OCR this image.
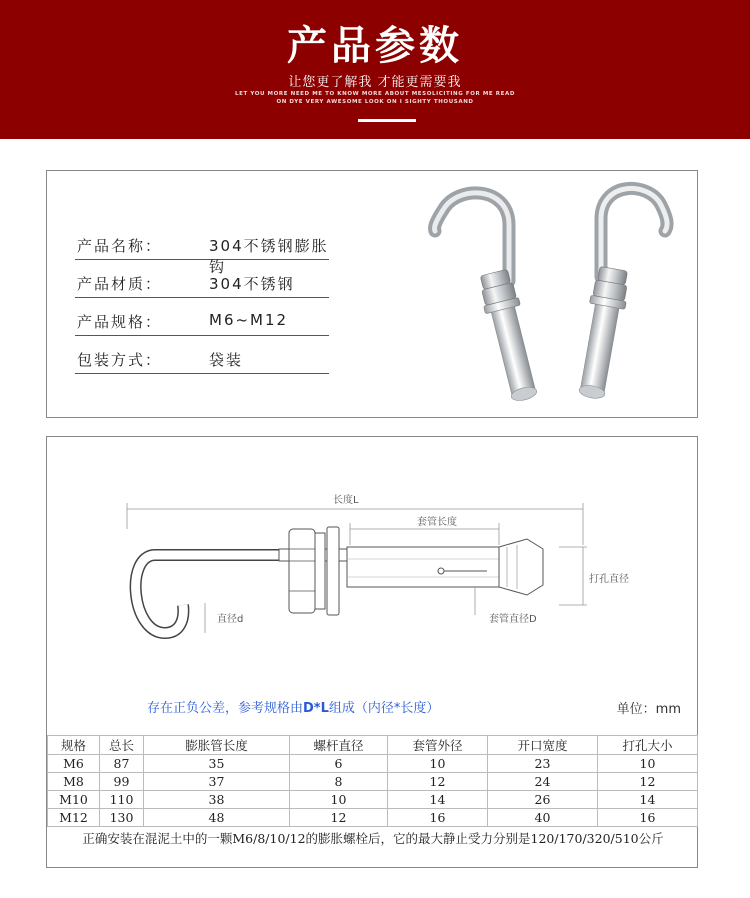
产品参数
让您更了解我 才能更需要我
LET YOU MORE NEED ME TO KNOW MORE ABOUT MESOLICITING FOR ME READ
ON DYE VERY AWESOME LOOK ON I SIGHTY THOUSAND
产品名称：	304不锈钢膨胀钩
产品材质：	304不锈钢
产品规格：	M6~M12
包装方式：	袋装
长度L
套管长度
打孔直径
直径d	套管直径D
存在正负公差，参考规格由D*L组成（内径*长度）	单位：mm
规格	总长	膨胀管长度	螺杆直径	套管外径	开口宽度	打孔大小
M6	87	35	6	10	23	10
M8	99	37	8	12	24	12
M10	110	38	10	14	26	14
M12	130	48	12	16	40	16
正确安装在混泥土中的一颗M6/8/10/12的膨胀螺栓后，它的最大静止受力分别是120/170/320/510公斤
